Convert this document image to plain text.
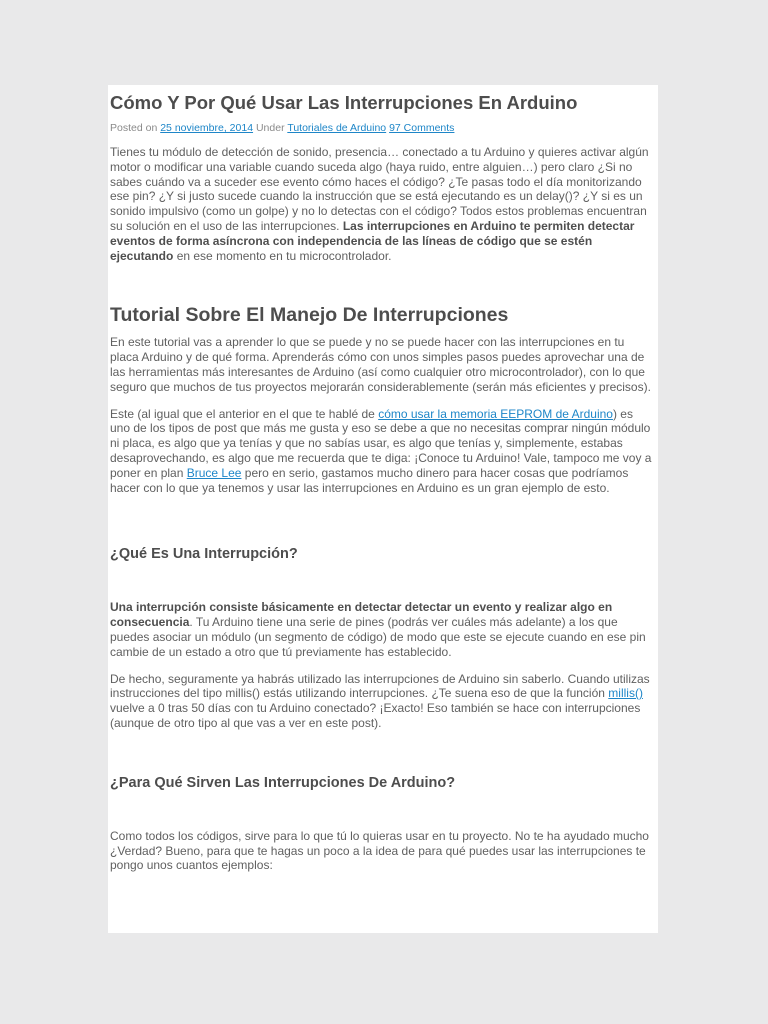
Cómo Y Por Qué Usar Las Interrupciones En Arduino
Posted on 25 noviembre, 2014 Under Tutoriales de Arduino 97 Comments

Tienes tu módulo de detección de sonido, presencia… conectado a tu Arduino y quieres activar algún motor o modificar una variable cuando suceda algo (haya ruido, entre alguien…) pero claro ¿Si no sabes cuándo va a suceder ese evento cómo haces el código? ¿Te pasas todo el día monitorizando ese pin? ¿Y si justo sucede cuando la instrucción que se está ejecutando es un delay()? ¿Y si es un sonido impulsivo (como un golpe) y no lo detectas con el código? Todos estos problemas encuentran su solución en el uso de las interrupciones. Las interrupciones en Arduino te permiten detectar eventos de forma asíncrona con independencia de las líneas de código que se estén ejecutando en ese momento en tu microcontrolador.

Tutorial Sobre El Manejo De Interrupciones

En este tutorial vas a aprender lo que se puede y no se puede hacer con las interrupciones en tu placa Arduino y de qué forma. Aprenderás cómo con unos simples pasos puedes aprovechar una de las herramientas más interesantes de Arduino (así como cualquier otro microcontrolador), con lo que seguro que muchos de tus proyectos mejorarán considerablemente (serán más eficientes y precisos).

Este (al igual que el anterior en el que te hablé de cómo usar la memoria EEPROM de Arduino) es uno de los tipos de post que más me gusta y eso se debe a que no necesitas comprar ningún módulo ni placa, es algo que ya tenías y que no sabías usar, es algo que tenías y, simplemente, estabas desaprovechando, es algo que me recuerda que te diga: ¡Conoce tu Arduino! Vale, tampoco me voy a poner en plan Bruce Lee pero en serio, gastamos mucho dinero para hacer cosas que podríamos hacer con lo que ya tenemos y usar las interrupciones en Arduino es un gran ejemplo de esto.

¿Qué Es Una Interrupción?

Una interrupción consiste básicamente en detectar detectar un evento y realizar algo en consecuencia. Tu Arduino tiene una serie de pines (podrás ver cuáles más adelante) a los que puedes asociar un módulo (un segmento de código) de modo que este se ejecute cuando en ese pin cambie de un estado a otro que tú previamente has establecido.

De hecho, seguramente ya habrás utilizado las interrupciones de Arduino sin saberlo. Cuando utilizas instrucciones del tipo millis() estás utilizando interrupciones. ¿Te suena eso de que la función millis() vuelve a 0 tras 50 días con tu Arduino conectado? ¡Exacto! Eso también se hace con interrupciones (aunque de otro tipo al que vas a ver en este post).

¿Para Qué Sirven Las Interrupciones De Arduino?

Como todos los códigos, sirve para lo que tú lo quieras usar en tu proyecto. No te ha ayudado mucho ¿Verdad? Bueno, para que te hagas un poco a la idea de para qué puedes usar las interrupciones te pongo unos cuantos ejemplos:
